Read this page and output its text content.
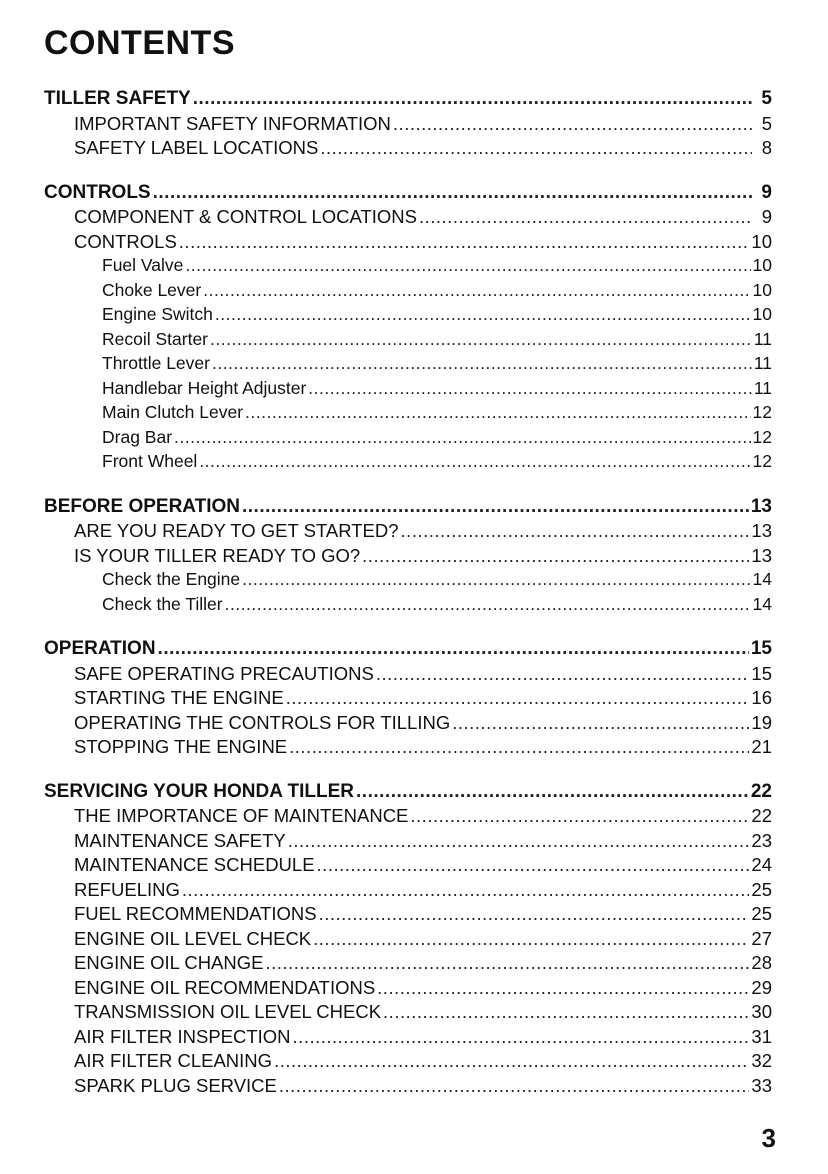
CONTENTS
TILLER SAFETY .....	5
IMPORTANT SAFETY INFORMATION .....	5
SAFETY LABEL LOCATIONS .....	8
CONTROLS .....	9
COMPONENT & CONTROL LOCATIONS .....	9
CONTROLS .....	10
Fuel Valve .....	10
Choke Lever .....	10
Engine Switch .....	10
Recoil Starter .....	11
Throttle Lever .....	11
Handlebar Height Adjuster .....	11
Main Clutch Lever .....	12
Drag Bar .....	12
Front Wheel .....	12
BEFORE OPERATION .....	13
ARE YOU READY TO GET STARTED? .....	13
IS YOUR TILLER READY TO GO? .....	13
Check the Engine .....	14
Check the Tiller .....	14
OPERATION .....	15
SAFE OPERATING PRECAUTIONS .....	15
STARTING THE ENGINE .....	16
OPERATING THE CONTROLS FOR TILLING .....	19
STOPPING THE ENGINE .....	21
SERVICING YOUR HONDA TILLER .....	22
THE IMPORTANCE OF MAINTENANCE .....	22
MAINTENANCE SAFETY .....	23
MAINTENANCE SCHEDULE .....	24
REFUELING .....	25
FUEL RECOMMENDATIONS .....	25
ENGINE OIL LEVEL CHECK .....	27
ENGINE OIL CHANGE .....	28
ENGINE OIL RECOMMENDATIONS .....	29
TRANSMISSION OIL LEVEL CHECK .....	30
AIR FILTER INSPECTION .....	31
AIR FILTER CLEANING .....	32
SPARK PLUG SERVICE .....	33
3
